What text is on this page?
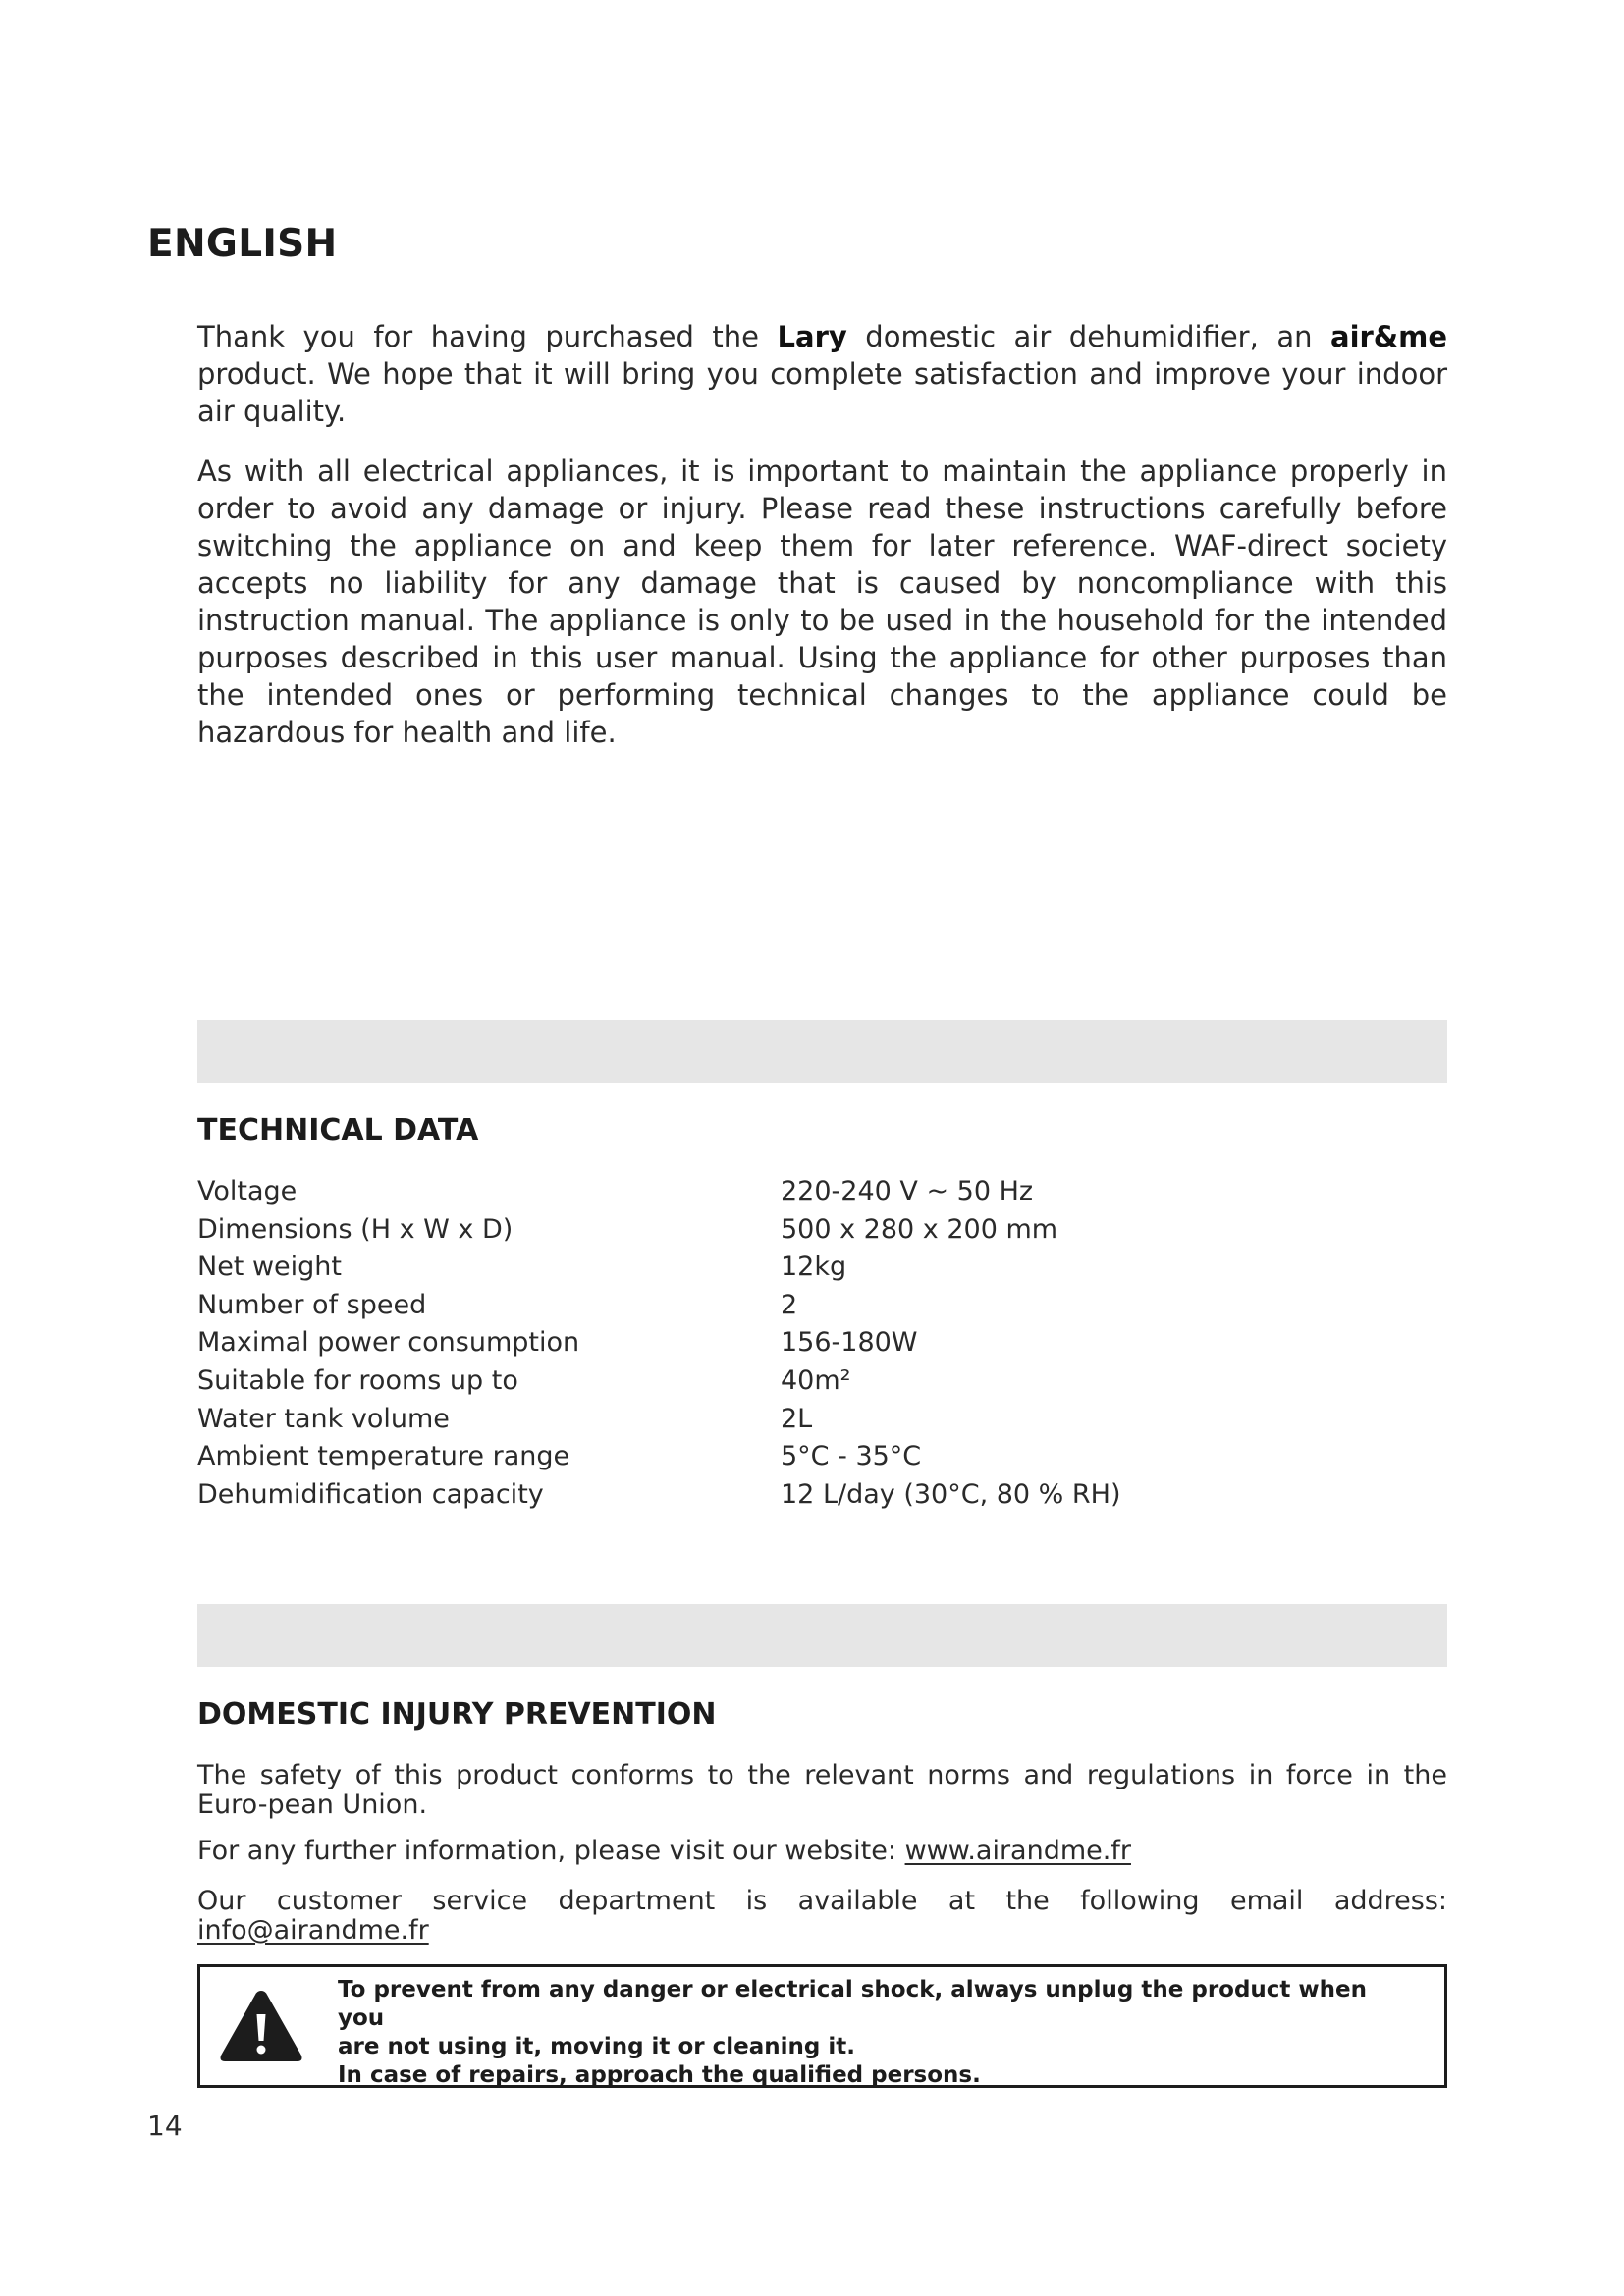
ENGLISH

Thank you for having purchased the Lary domestic air dehumidifier, an air&me product. We hope that it will bring you complete satisfaction and improve your indoor air quality.

As with all electrical appliances, it is important to maintain the appliance properly in order to avoid any damage or injury. Please read these instructions carefully before switching the appliance on and keep them for later reference. WAF-direct society accepts no liability for any damage that is caused by noncompliance with this instruction manual. The appliance is only to be used in the household for the intended purposes described in this user manual. Using the appliance for other purposes than the intended ones or performing technical changes to the appliance could be hazardous for health and life.

TECHNICAL DATA
Voltage	220-240 V ~ 50 Hz
Dimensions (H x W x D)	500 x 280 x 200 mm
Net weight	12kg
Number of speed	2
Maximal power consumption	156-180W
Suitable for rooms up to	40m²
Water tank volume	2L
Ambient temperature range	5°C - 35°C
Dehumidification capacity	12 L/day (30°C, 80 % RH)
DOMESTIC INJURY PREVENTION

The safety of this product conforms to the relevant norms and regulations in force in the Euro-pean Union.

For any further information, please visit our website: www.airandme.fr

Our customer service department is available at the following email address: info@airandme.fr

To prevent from any danger or electrical shock, always unplug the product when you
are not using it, moving it or cleaning it.
In case of repairs, approach the qualified persons.

14
